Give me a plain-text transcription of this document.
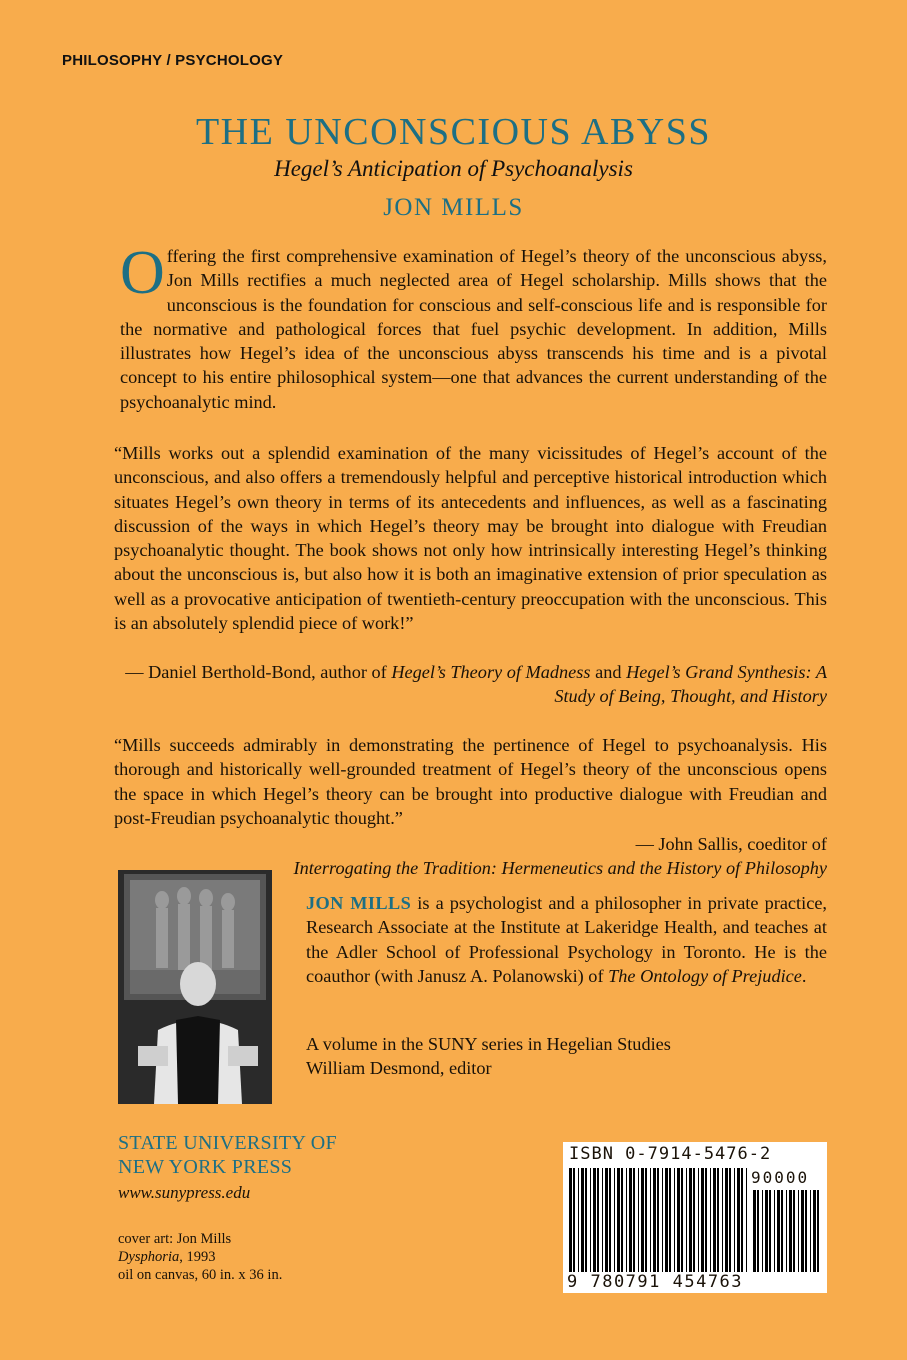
PHILOSOPHY / PSYCHOLOGY
THE UNCONSCIOUS ABYSS
Hegel’s Anticipation of Psychoanalysis
JON MILLS
O ffering the first comprehensive examination of Hegel’s theory of the unconscious abyss, Jon Mills rectifies a much neglected area of Hegel scholarship. Mills shows that the unconscious is the foundation for conscious and self-conscious life and is responsible for the normative and pathological forces that fuel psychic development. In addition, Mills illustrates how Hegel’s idea of the unconscious abyss transcends his time and is a pivotal concept to his entire philosophical system—one that advances the current understanding of the psychoanalytic mind.
“Mills works out a splendid examination of the many vicissitudes of Hegel’s account of the unconscious, and also offers a tremendously helpful and perceptive historical introduction which situates Hegel’s own theory in terms of its antecedents and influences, as well as a fascinating discussion of the ways in which Hegel’s theory may be brought into dialogue with Freudian psychoanalytic thought. The book shows not only how intrinsically interesting Hegel’s thinking about the unconscious is, but also how it is both an imaginative extension of prior speculation as well as a provocative anticipation of twentieth-century preoccupation with the unconscious. This is an absolutely splendid piece of work!”
— Daniel Berthold-Bond, author of Hegel’s Theory of Madness and Hegel’s Grand Synthesis: A Study of Being, Thought, and History
“Mills succeeds admirably in demonstrating the pertinence of Hegel to psychoanalysis. His thorough and historically well-grounded treatment of Hegel’s theory of the unconscious opens the space in which Hegel’s theory can be brought into productive dialogue with Freudian and post-Freudian psychoanalytic thought.”
— John Sallis, coeditor of
Interrogating the Tradition: Hermeneutics and the History of Philosophy
JON MILLS is a psychologist and a philosopher in private practice, Research Associate at the Institute at Lakeridge Health, and teaches at the Adler School of Professional Psychology in Toronto. He is the coauthor (with Janusz A. Polanowski) of The Ontology of Prejudice.
A volume in the SUNY series in Hegelian Studies
William Desmond, editor
STATE UNIVERSITY OF
NEW YORK PRESS
www.sunypress.edu
cover art: Jon Mills
Dysphoria, 1993
oil on canvas, 60 in. x 36 in.
ISBN 0-7914-5476-2
90000
9 780791 454763
